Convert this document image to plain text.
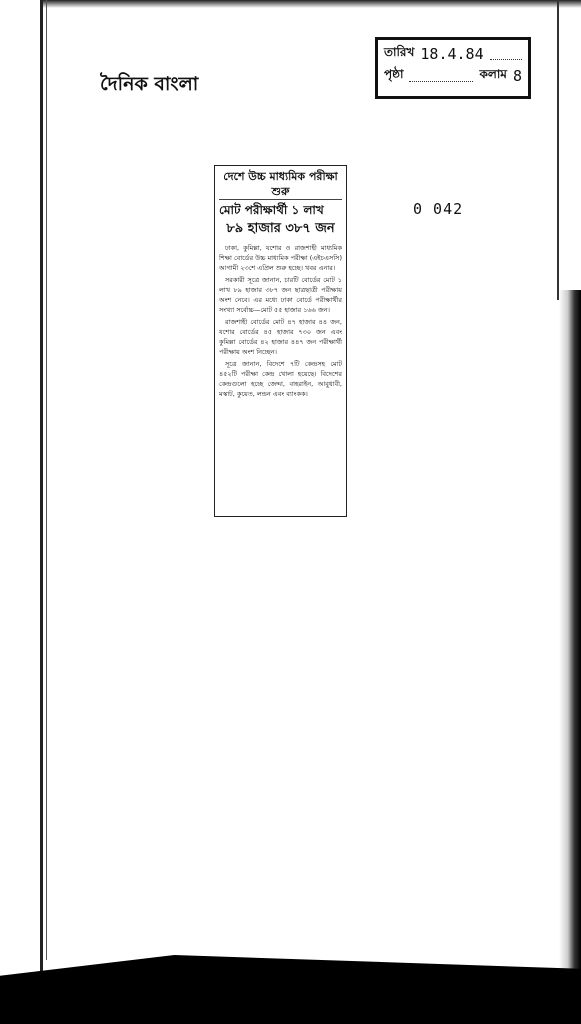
দৈনিক বাংলা
তারিখ 18.4.84
পৃষ্ঠা	কলাম 8
0 042
দেশে উচ্চ মাধ্যমিক পরীক্ষা শুরু
মোট পরীক্ষার্থী ১ লাখ
৮৯ হাজার ৩৮৭ জন

ঢাকা, কুমিল্লা, যশোর ও রাজশাহী মাধ্যমিক শিক্ষা বোর্ডের উচ্চ মাধ্যমিক পরীক্ষা (এইচএসসি) আগামী ২৩শে এপ্রিল শুরু হচ্ছে। খবর এনার।

সরকারী সূত্রে জানান, চারটি বোর্ডের মোট ১ লাখ ৮৯ হাজার ৩৮৭ জন ছাত্রছাত্রী পরীক্ষায় অংশ নেবে। এর মধ্যে ঢাকা বোর্ডে পরীক্ষার্থীর সংখ্যা সর্বোচ্চ—মোট ৫৫ হাজার ১৬৬ জন।

রাজশাহী বোর্ডের মোট ৪৭ হাজার ৪৪ জন, যশোর বোর্ডের ৪৫ হাজার ৭৩০ জন এবং কুমিল্লা বোর্ডের ৪২ হাজার ৪৪৭ জন পরীক্ষার্থী পরীক্ষায় অংশ নিচ্ছেন।

সূত্রে জানান, বিদেশে ৭টি কেন্দ্রসহ মোট ৪৫২টি পরীক্ষা কেন্দ্র খোলা হয়েছে। বিদেশের কেন্দ্রগুলো হচ্ছে জেদ্দা, বাহরাইন, আবুধাবী, মস্কাট, কুয়েত, লন্ডন এবং ব্যাংকক।
